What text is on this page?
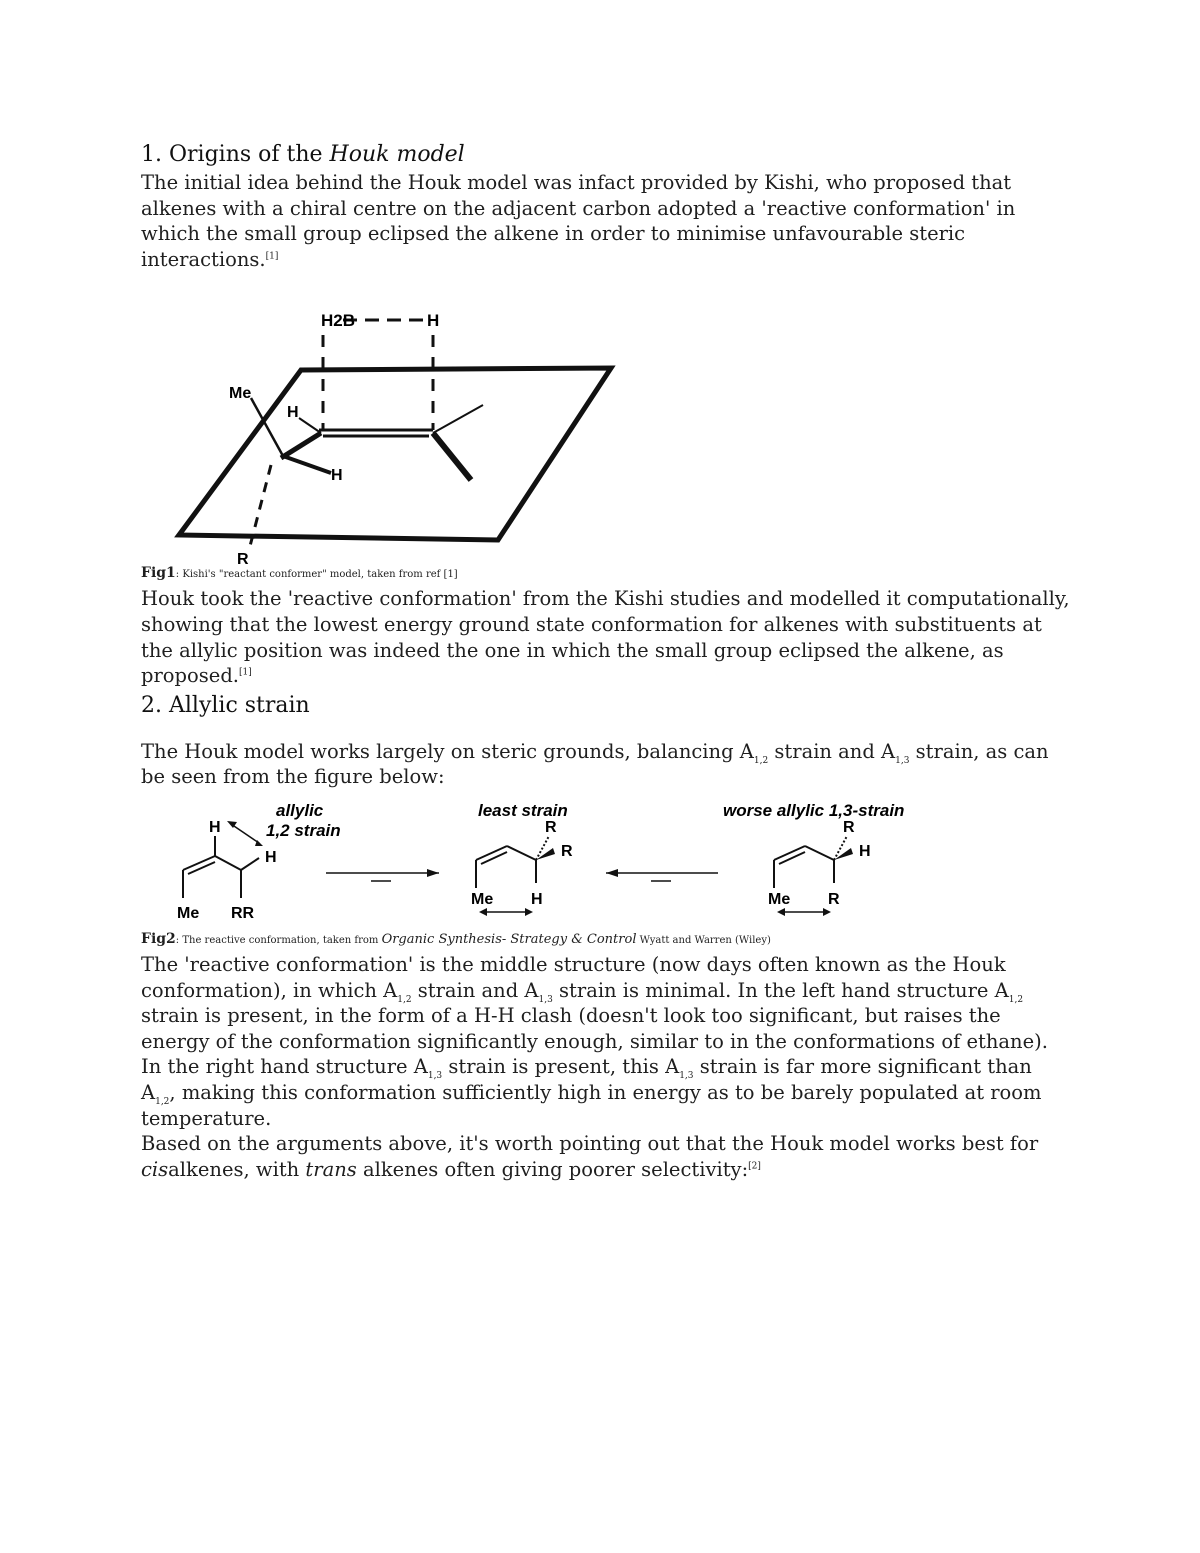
1. Origins of the Houk model

The initial idea behind the Houk model was infact provided by Kishi, who proposed that alkenes with a chiral centre on the adjacent carbon adopted a 'reactive conformation' in which the small group eclipsed the alkene in order to minimise unfavourable steric interactions.[1]

H2B	H
Me
H
H
R

Fig1: Kishi's "reactant conformer" model, taken from ref [1]

Houk took the 'reactive conformation' from the Kishi studies and modelled it computationally, showing that the lowest energy ground state conformation for alkenes with substituents at the allylic position was indeed the one in which the small group eclipsed the alkene, as proposed.[1]

2. Allylic strain

The Houk model works largely on steric grounds, balancing $A_{1,2}$ strain and $A_{1,3}$ strain, as can be seen from the figure below:

allylic
1,2 strain
least strain	worse allylic 1,3-strain
H
H
Me RR
R
R
Me H
R
H
Me R

Fig2: The reactive conformation, taken from Organic Synthesis- Strategy & Control Wyatt and Warren (Wiley)

The 'reactive conformation' is the middle structure (now days often known as the Houk conformation), in which $A_{1,2}$ strain and $A_{1,3}$ strain is minimal. In the left hand structure $A_{1,2}$ strain is present, in the form of a H-H clash (doesn't look too significant, but raises the energy of the conformation significantly enough, similar to in the conformations of ethane). In the right hand structure $A_{1,3}$ strain is present, this $A_{1,3}$ strain is far more significant than $A_{1,2}$, making this conformation sufficiently high in energy as to be barely populated at room temperature.

Based on the arguments above, it's worth pointing out that the Houk model works best for cisalkenes, with trans alkenes often giving poorer selectivity:[2]
